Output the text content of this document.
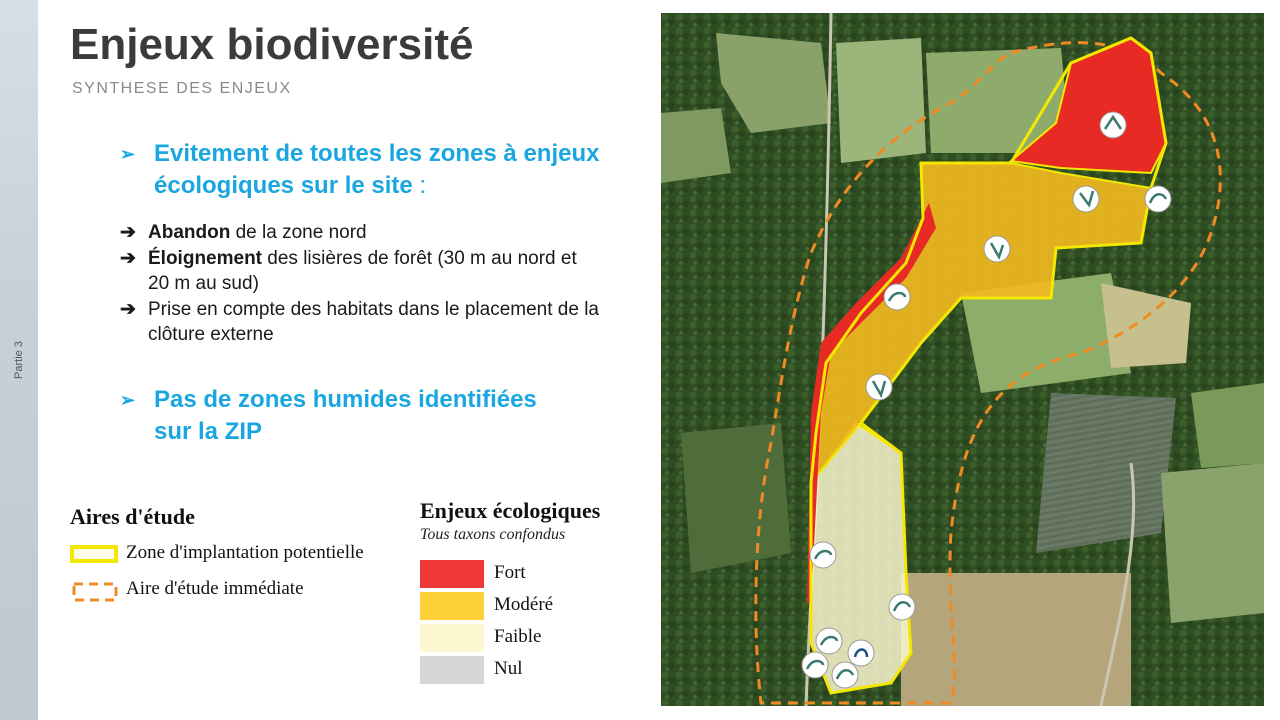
Partie 3
Enjeux biodiversité
SYNTHESE DES ENJEUX
➢ Evitement de toutes les zones à enjeux écologiques sur le site :
➔ Abandon de la zone nord
➔ Éloignement des lisières de forêt (30 m au nord et 20 m au sud)
➔ Prise en compte des habitats dans le placement de la clôture externe
➢ Pas de zones humides identifiées sur la ZIP
Aires d'étude
Zone d'implantation potentielle
Aire d'étude immédiate
Enjeux écologiques
Tous taxons confondus
Fort
Modéré
Faible
Nul
